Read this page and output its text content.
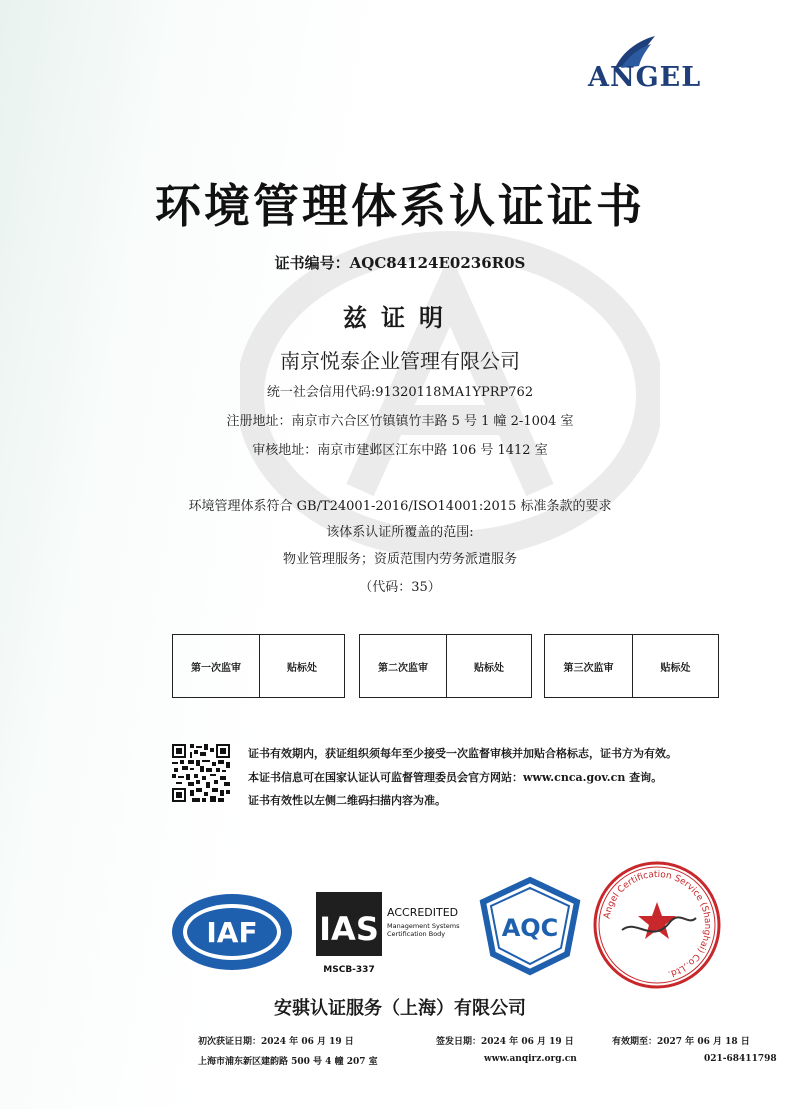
ANGEL
环境管理体系认证证书
证书编号：AQC84124E0236R0S
兹证明
南京悦泰企业管理有限公司
统一社会信用代码:91320118MA1YPRP762
注册地址：南京市六合区竹镇镇竹丰路 5 号 1 幢 2-1004 室
审核地址：南京市建邺区江东中路 106 号 1412 室
环境管理体系符合 GB/T24001-2016/ISO14001:2015 标准条款的要求
该体系认证所覆盖的范围:
物业管理服务；资质范围内劳务派遣服务
（代码：35）
第一次监审	贴标处	第二次监审	贴标处	第三次监审	贴标处
证书有效期内，获证组织须每年至少接受一次监督审核并加贴合格标志，证书方为有效。
本证书信息可在国家认证认可监督管理委员会官方网站：www.cnca.gov.cn 查询。
证书有效性以左侧二维码扫描内容为准。
IAF IAS ACCREDITED
Management Systems
Certification Body
MSCB-337
AQC	Angel Certification Service (Shanghai) Co.,Ltd.
安骐认证服务（上海）有限公司
初次获证日期：2024 年 06 月 19 日	签发日期：2024 年 06 月 19 日	有效期至：2027 年 06 月 18 日
上海市浦东新区建韵路 500 号 4 幢 207 室	www.anqirz.org.cn	021-68411798
